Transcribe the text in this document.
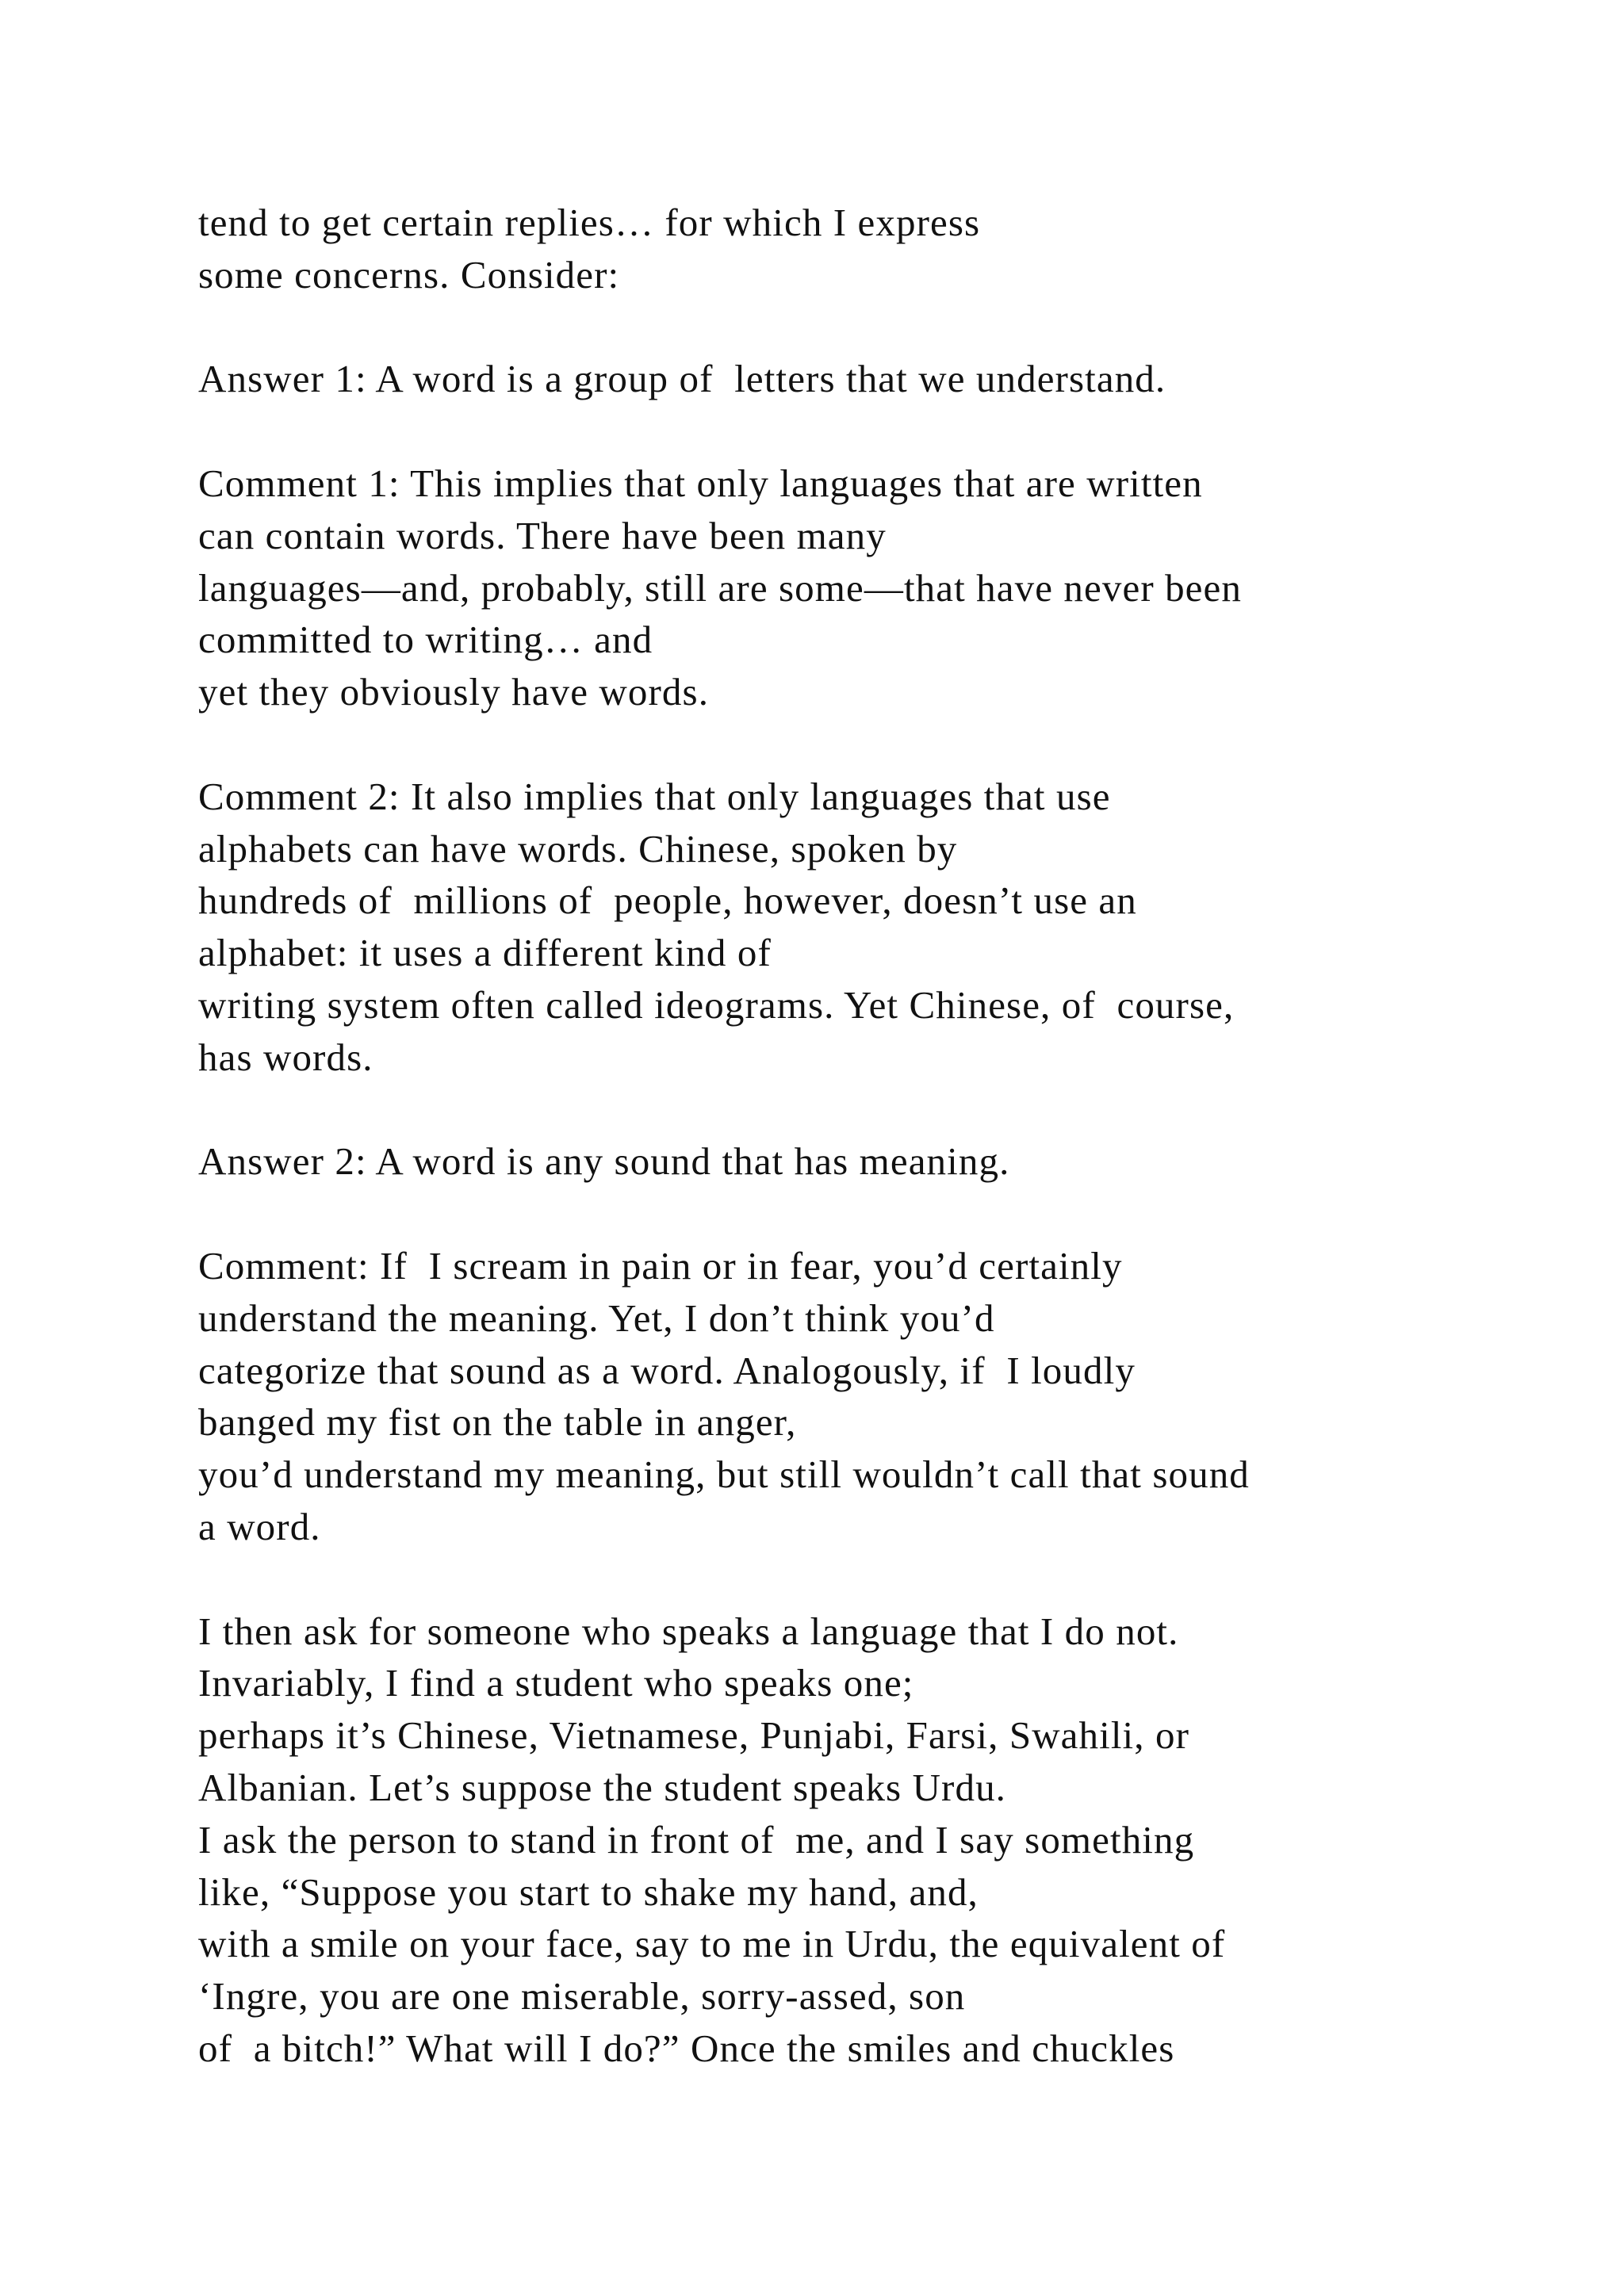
tend to get certain replies… for which I express
some concerns. Consider:
Answer 1: A word is a group of  letters that we understand.
Comment 1: This implies that only languages that are written
can contain words. There have been many
languages—and, probably, still are some—that have never been
committed to writing… and
yet they obviously have words.
Comment 2: It also implies that only languages that use
alphabets can have words. Chinese, spoken by
hundreds of  millions of  people, however, doesn’t use an
alphabet: it uses a different kind of
writing system often called ideograms. Yet Chinese, of  course,
has words.
Answer 2: A word is any sound that has meaning.
Comment: If  I scream in pain or in fear, you’d certainly
understand the meaning. Yet, I don’t think you’d
categorize that sound as a word. Analogously, if  I loudly
banged my fist on the table in anger,
you’d understand my meaning, but still wouldn’t call that sound
a word.
I then ask for someone who speaks a language that I do not.
Invariably, I find a student who speaks one;
perhaps it’s Chinese, Vietnamese, Punjabi, Farsi, Swahili, or
Albanian. Let’s suppose the student speaks Urdu.
I ask the person to stand in front of  me, and I say something
like, “Suppose you start to shake my hand, and,
with a smile on your face, say to me in Urdu, the equivalent of
‘Ingre, you are one miserable, sorry-assed, son
of  a bitch!” What will I do?” Once the smiles and chuckles
